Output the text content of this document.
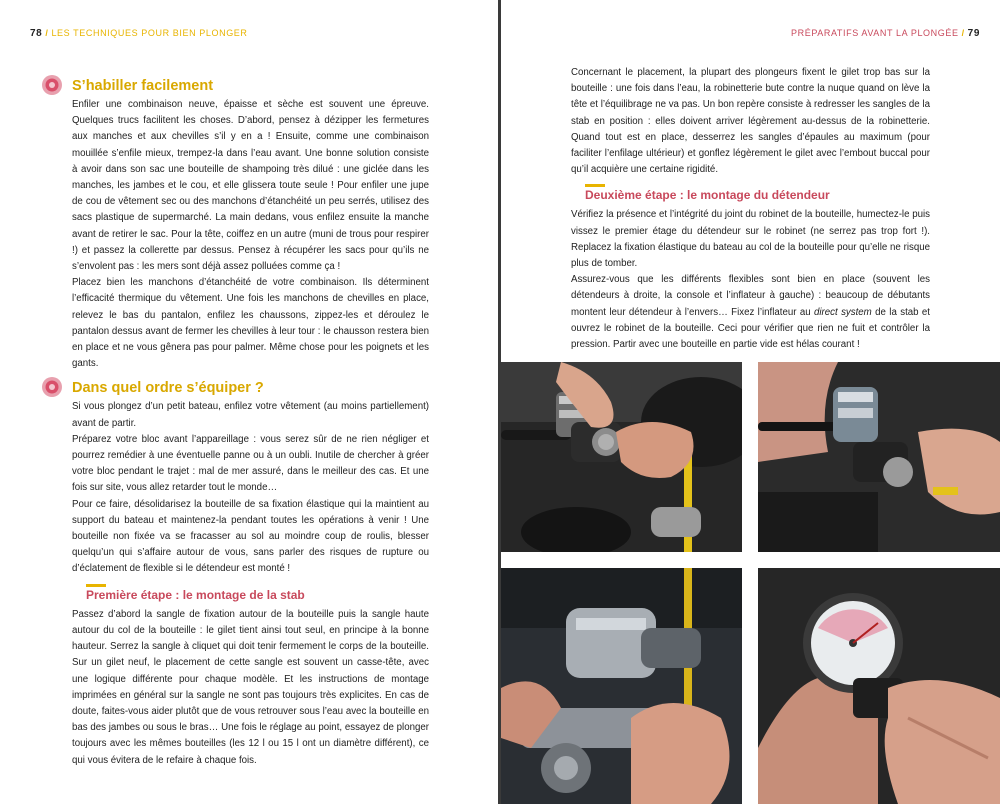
78 / LES TECHNIQUES POUR BIEN PLONGER
S’habiller facilement

Enfiler une combinaison neuve, épaisse et sèche est souvent une épreuve. Quelques trucs facilitent les choses. D’abord, pensez à dézipper les fermetures aux manches et aux chevilles s’il y en a ! Ensuite, comme une combinaison mouillée s’enfile mieux, trempez-la dans l’eau avant. Une bonne solution consiste à avoir dans son sac une bouteille de shampoing très dilué : une giclée dans les manches, les jambes et le cou, et elle glissera toute seule ! Pour enfiler une jupe de cou de vêtement sec ou des manchons d’étanchéité un peu serrés, utilisez des sacs plastique de supermarché. La main dedans, vous enfilez ensuite la manche avant de retirer le sac. Pour la tête, coiffez en un autre (muni de trous pour respirer !) et passez la collerette par dessus. Pensez à récupérer les sacs pour qu’ils ne s’envolent pas : les mers sont déjà assez polluées comme ça !

Placez bien les manchons d’étanchéité de votre combinaison. Ils déterminent l’efficacité thermique du vêtement. Une fois les manchons de chevilles en place, relevez le bas du pantalon, enfilez les chaussons, zippez-les et déroulez le pantalon dessus avant de fermer les chevilles à leur tour : le chausson restera bien en place et ne vous gênera pas pour palmer. Même chose pour les poignets et les gants.

Dans quel ordre s’équiper ?

Si vous plongez d’un petit bateau, enfilez votre vêtement (au moins partiellement) avant de partir.

Préparez votre bloc avant l’appareillage : vous serez sûr de ne rien négliger et pourrez remédier à une éventuelle panne ou à un oubli. Inutile de chercher à gréer votre bloc pendant le trajet : mal de mer assuré, dans le meilleur des cas. Et une fois sur site, vous allez retarder tout le monde…

Pour ce faire, désolidarisez la bouteille de sa fixation élastique qui la maintient au support du bateau et maintenez-la pendant toutes les opérations à venir ! Une bouteille non fixée va se fracasser au sol au moindre coup de roulis, blesser quelqu’un qui s’affaire autour de vous, sans parler des risques de rupture ou d’éclatement de flexible si le détendeur est monté !

Première étape : le montage de la stab

Passez d’abord la sangle de fixation autour de la bouteille puis la sangle haute autour du col de la bouteille : le gilet tient ainsi tout seul, en principe à la bonne hauteur. Serrez la sangle à cliquet qui doit tenir fermement le corps de la bouteille. Sur un gilet neuf, le placement de cette sangle est souvent un casse-tête, avec une logique différente pour chaque modèle. Et les instructions de montage imprimées en général sur la sangle ne sont pas toujours très explicites. En cas de doute, faites-vous aider plutôt que de vous retrouver sous l’eau avec la bouteille en bas des jambes ou sous le bras… Une fois le réglage au point, essayez de plonger toujours avec les mêmes bouteilles (les 12 l ou 15 l ont un diamètre différent), ce qui vous évitera de le refaire à chaque fois.

PRÉPARATIFS AVANT LA PLONGÉE / 79

Concernant le placement, la plupart des plongeurs fixent le gilet trop bas sur la bouteille : une fois dans l’eau, la robinetterie bute contre la nuque quand on lève la tête et l’équilibrage ne va pas. Un bon repère consiste à redresser les sangles de la stab en position : elles doivent arriver légèrement au-dessus de la robinetterie. Quand tout est en place, desserrez les sangles d’épaules au maximum (pour faciliter l’enfilage ultérieur) et gonflez légèrement le gilet avec l’embout buccal pour qu’il acquière une certaine rigidité.

Deuxième étape : le montage du détendeur

Vérifiez la présence et l’intégrité du joint du robinet de la bouteille, humectez-le puis vissez le premier étage du détendeur sur le robinet (ne serrez pas trop fort !). Replacez la fixation élastique du bateau au col de la bouteille pour qu’elle ne risque plus de tomber.

Assurez-vous que les différents flexibles sont bien en place (souvent les détendeurs à droite, la console et l’inflateur à gauche) : beaucoup de débutants montent leur détendeur à l’envers… Fixez l’inflateur au direct system de la stab et ouvrez le robinet de la bouteille. Ceci pour vérifier que rien ne fuit et contrôler la pression. Partir avec une bouteille en partie vide est hélas courant !
